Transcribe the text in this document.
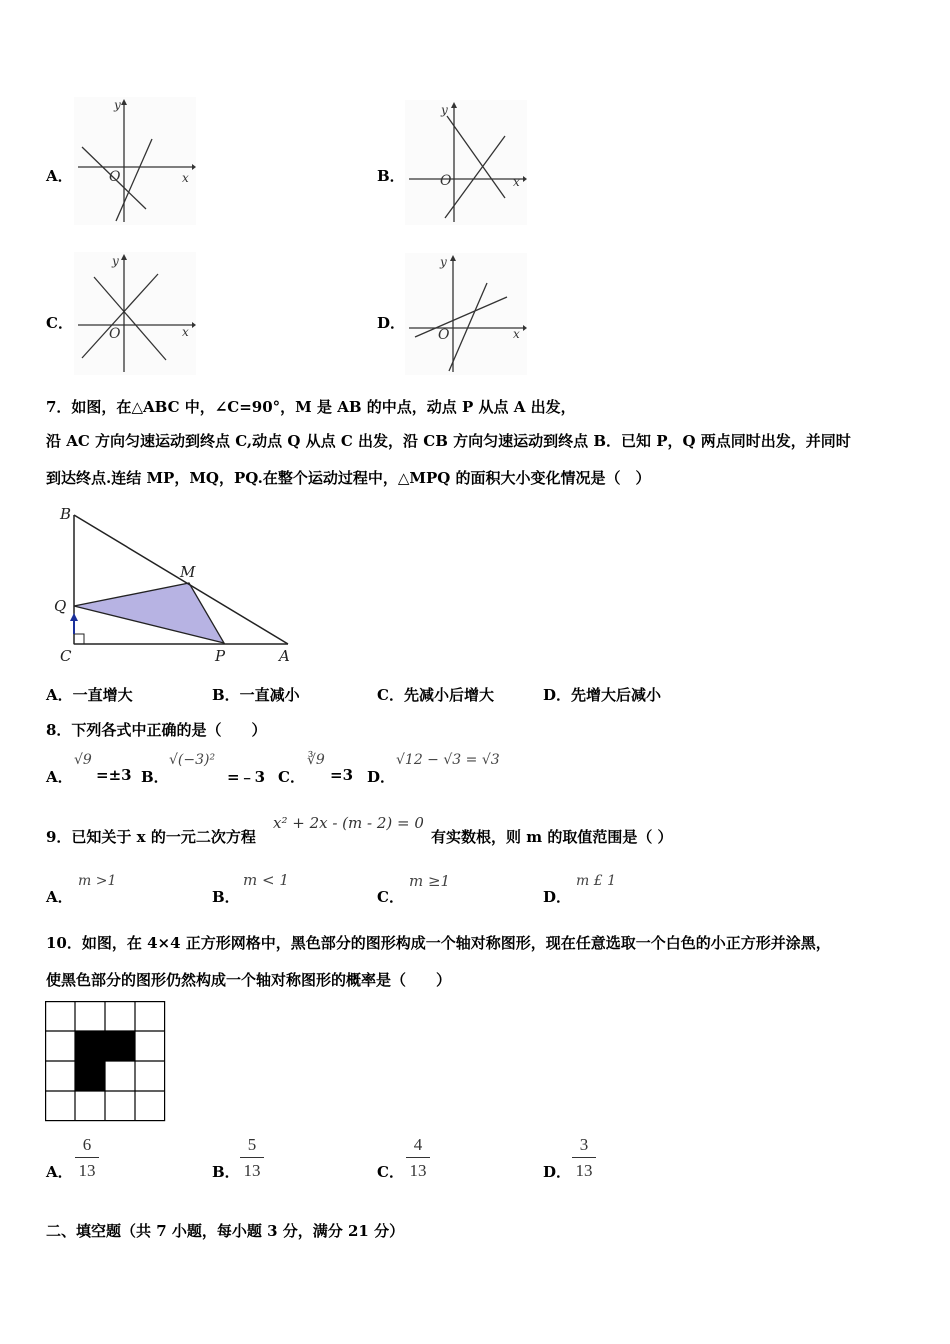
A．
y
x
O	B．
y
x
O
C．
y
x
O
D．
y
x
O
7．如图，在△ABC 中，∠C=90°，M 是 AB 的中点，动点 P 从点 A 出发，
沿 AC 方向匀速运动到终点 C,动点 Q 从点 C 出发，沿 CB 方向匀速运动到终点 B．已知 P，Q 两点同时出发，并同时
到达终点.连结 MP，MQ，PQ.在整个运动过程中，△MPQ 的面积大小变化情况是（　）
B
M
Q
C	P	A
A．一直增大	B．一直减小	C．先减小后增大	D．先增大后减小
8．下列各式中正确的是（　　）
A．
√9
=±3 B．
√(−3)²
=﹣3 C．
∛9
=3 D．
√12 − √3 = √3
9．已知关于 x 的一元二次方程
x² + 2x - (m - 2) = 0
有实数根，则 m 的取值范围是（ ）
A．
m >1
B．
m < 1
C．
m ≥1
D．
m £ 1
10．如图，在 4×4 正方形网格中，黑色部分的图形构成一个轴对称图形，现在任意选取一个白色的小正方形并涂黑，
使黑色部分的图形仍然构成一个轴对称图形的概率是（　　）
A．
6
13	B．
5
13	C．
4
13	D．
3
13
二、填空题（共 7 小题，每小题 3 分，满分 21 分）
